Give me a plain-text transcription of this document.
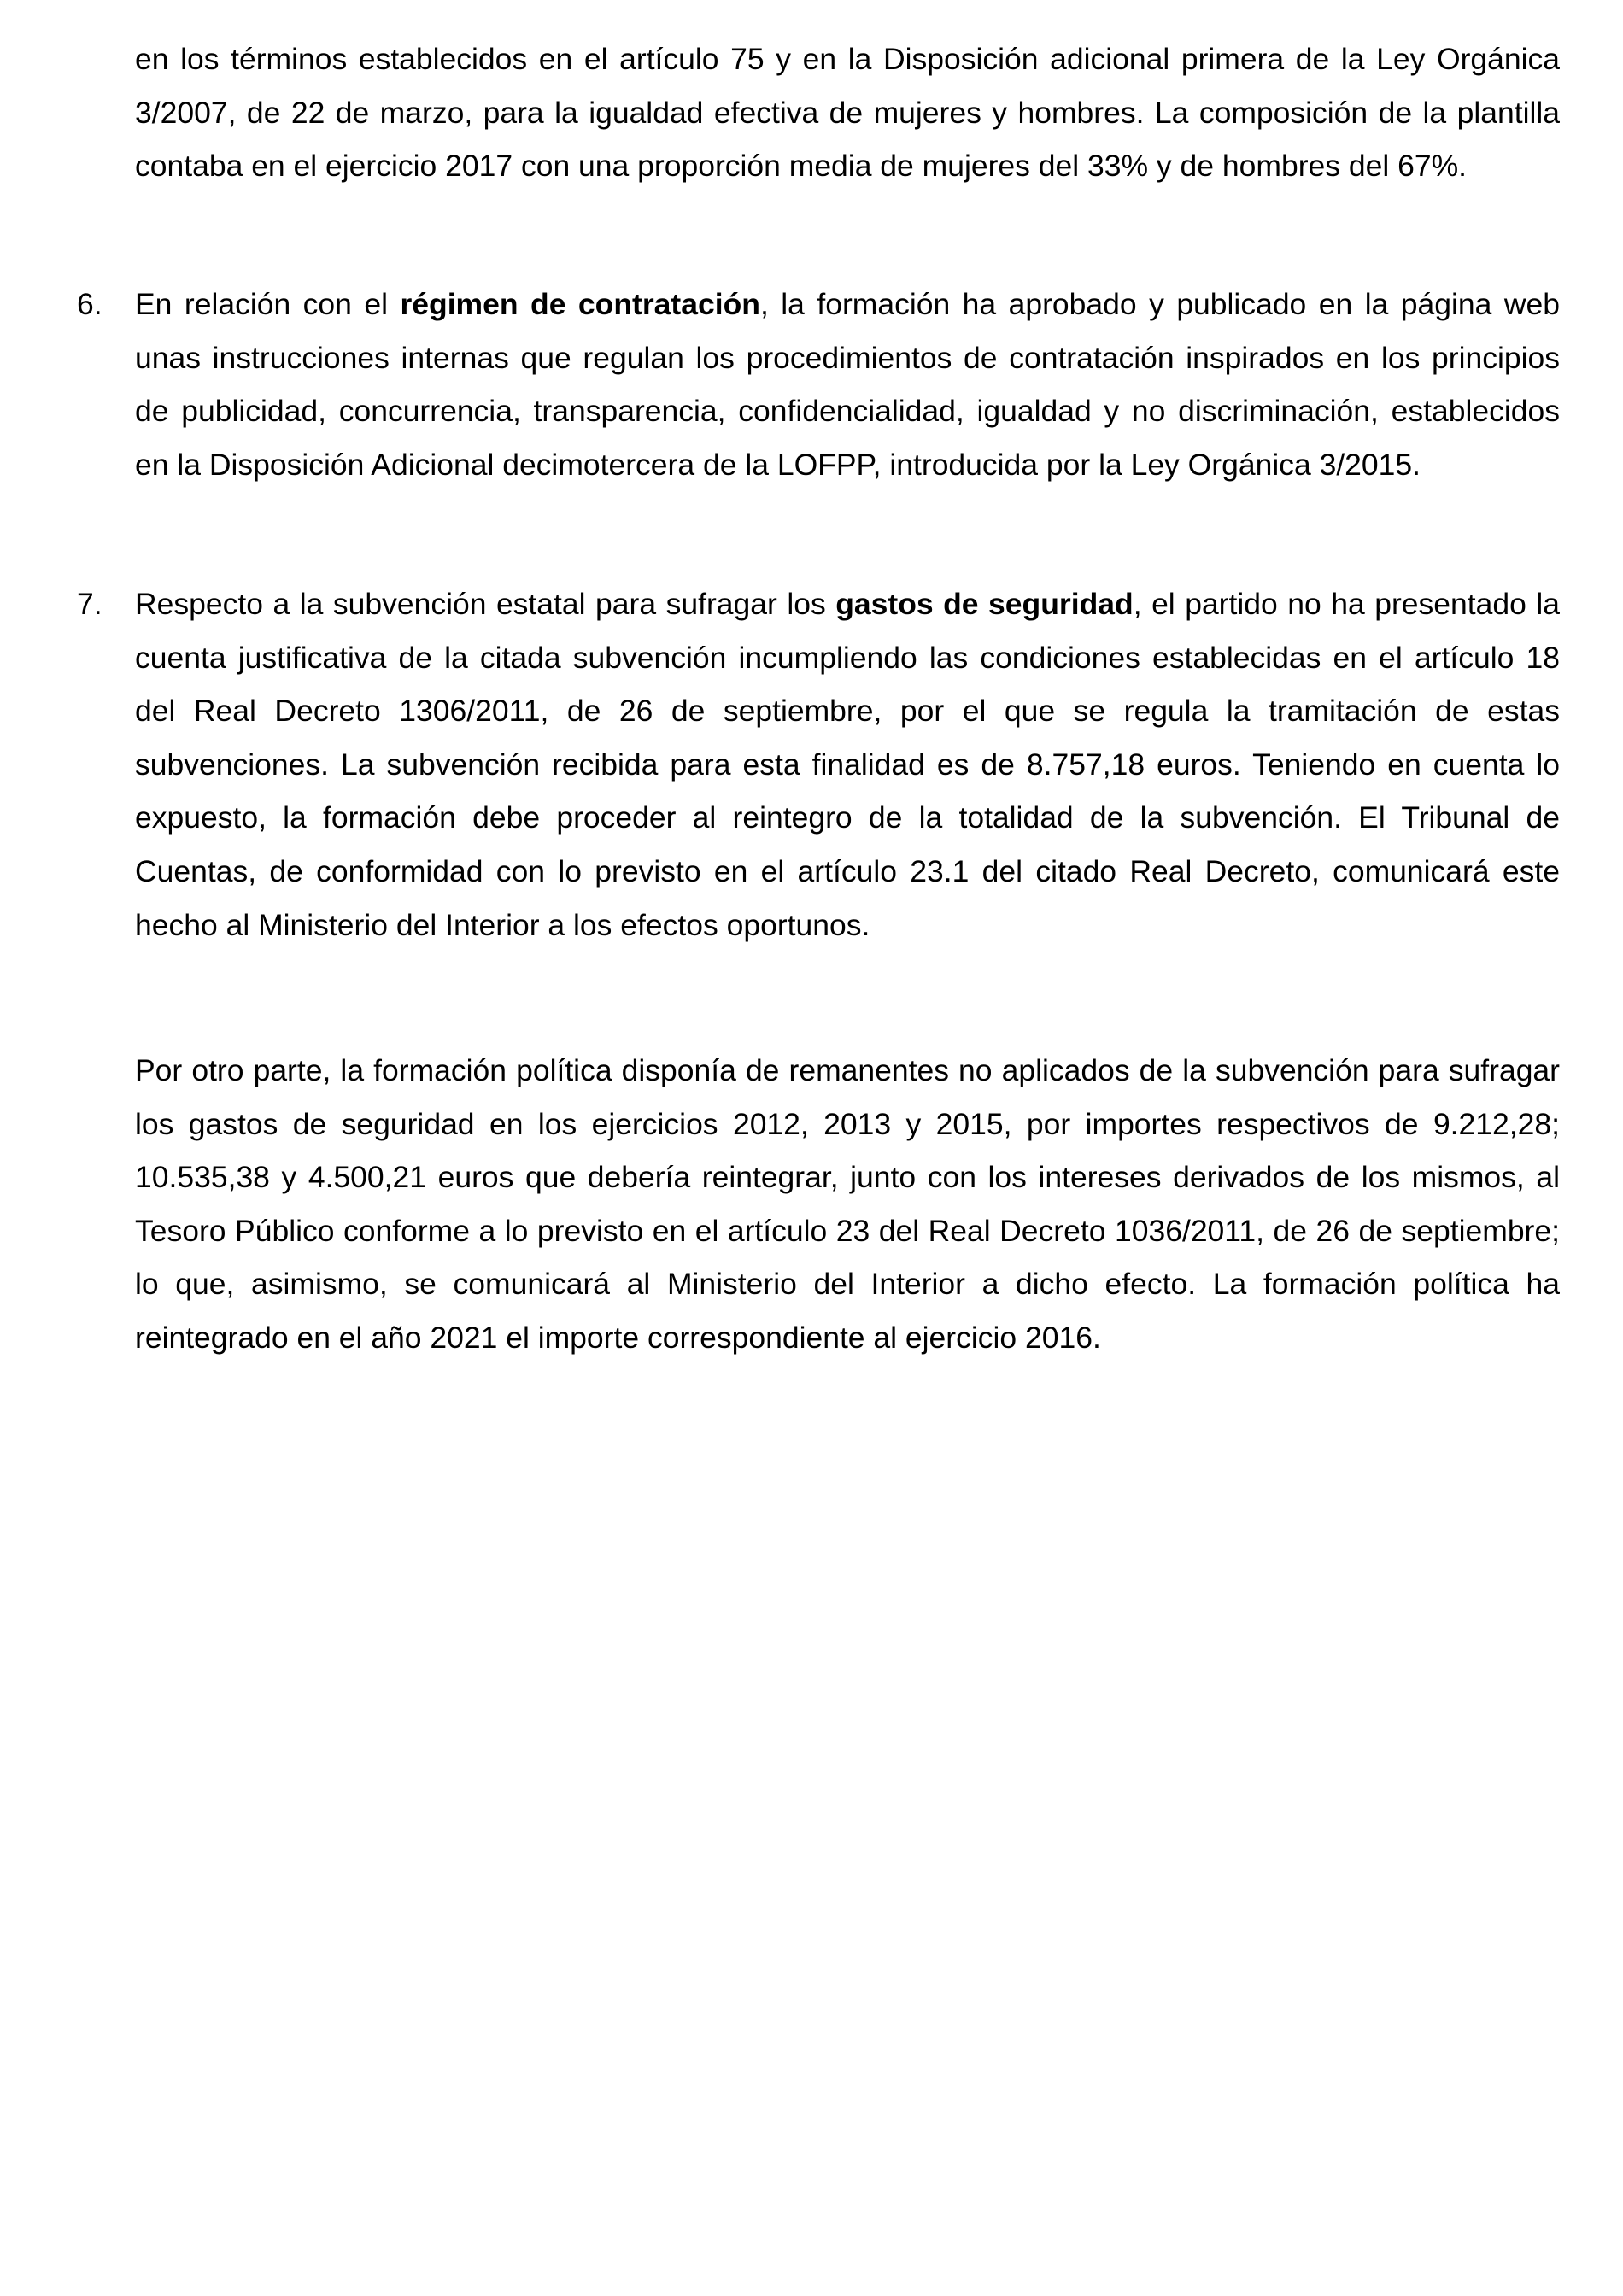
en los términos establecidos en el artículo 75 y en la Disposición adicional primera de la Ley Orgánica 3/2007, de 22 de marzo, para la igualdad efectiva de mujeres y hombres. La composición de la plantilla contaba en el ejercicio 2017 con una proporción media de mujeres del 33% y de hombres del 67%.

6.	En relación con el régimen de contratación, la formación ha aprobado y publicado en la página web unas instrucciones internas que regulan los procedimientos de contratación inspirados en los principios de publicidad, concurrencia, transparencia, confidencialidad, igualdad y no discriminación, establecidos en la Disposición Adicional decimotercera de la LOFPP, introducida por la Ley Orgánica 3/2015.

7.	Respecto a la subvención estatal para sufragar los gastos de seguridad, el partido no ha presentado la cuenta justificativa de la citada subvención incumpliendo las condiciones establecidas en el artículo 18 del Real Decreto 1306/2011, de 26 de septiembre, por el que se regula la tramitación de estas subvenciones. La subvención recibida para esta finalidad es de 8.757,18 euros. Teniendo en cuenta lo expuesto, la formación debe proceder al reintegro de la totalidad de la subvención. El Tribunal de Cuentas, de conformidad con lo previsto en el artículo 23.1 del citado Real Decreto, comunicará este hecho al Ministerio del Interior a los efectos oportunos.

Por otro parte, la formación política disponía de remanentes no aplicados de la subvención para sufragar los gastos de seguridad en los ejercicios 2012, 2013 y 2015, por importes respectivos de 9.212,28; 10.535,38 y 4.500,21 euros que debería reintegrar, junto con los intereses derivados de los mismos, al Tesoro Público conforme a lo previsto en el artículo 23 del Real Decreto 1036/2011, de 26 de septiembre; lo que, asimismo, se comunicará al Ministerio del Interior a dicho efecto. La formación política ha reintegrado en el año 2021 el importe correspondiente al ejercicio 2016.
